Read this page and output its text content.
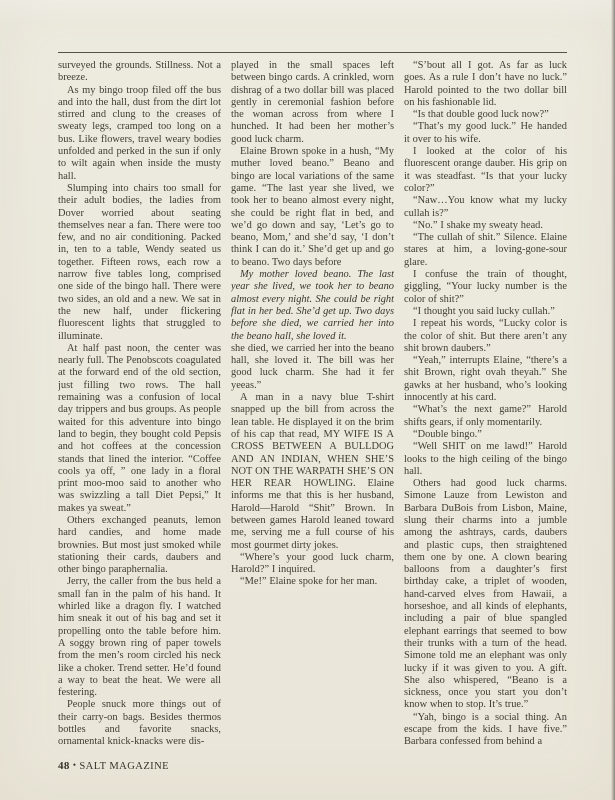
surveyed the grounds. Stillness. Not a breeze.

As my bingo troop filed off the bus and into the hall, dust from the dirt lot stirred and clung to the creases of sweaty legs, cramped too long on a bus. Like flowers, travel weary bodies unfolded and perked in the sun if only to wilt again when inside the musty hall.

Slumping into chairs too small for their adult bodies, the ladies from Dover worried about seating themselves near a fan. There were too few, and no air conditioning. Packed in, ten to a table, Wendy seated us together. Fifteen rows, each row a narrow five tables long, comprised one side of the bingo hall. There were two sides, an old and a new. We sat in the new half, under flickering fluorescent lights that struggled to illuminate.

At half past noon, the center was nearly full. The Penobscots coagulated at the forward end of the old section, just filling two rows. The hall remaining was a confusion of local day trippers and bus groups. As people waited for this adventure into bingo land to begin, they bought cold Pepsis and hot coffees at the concession stands that lined the interior. “Coffee cools ya off, ” one lady in a floral print moo-moo said to another who was swizzling a tall Diet Pepsi,” It makes ya sweat.”

Others exchanged peanuts, lemon hard candies, and home made brownies. But most just smoked while stationing their cards, daubers and other bingo paraphernalia.

Jerry, the caller from the bus held a small fan in the palm of his hand. It whirled like a dragon fly. I watched him sneak it out of his bag and set it propelling onto the table before him. A soggy brown ring of paper towels from the men’s room circled his neck like a choker. Trend setter. He’d found a way to beat the heat. We were all festering.

People snuck more things out of their carry-on bags. Besides thermos bottles and favorite snacks, ornamental knick-knacks were dis-

played in the small spaces left between bingo cards. A crinkled, worn dishrag of a two dollar bill was placed gently in ceremonial fashion before the woman across from where I hunched. It had been her mother’s good luck charm.

Elaine Brown spoke in a hush, “My muther loved beano.” Beano and bingo are local variations of the same game. “The last year she lived, we took her to beano almost every night, she could be right flat in bed, and we’d go down and say, ‘Let’s go to beano, Mom,’ and she’d say, ‘I don’t think I can do it.’ She’d get up and go to beano. Two days before

My mother loved beano. The last year she lived, we took her to beano almost every night. She could be right flat in her bed. She’d get up. Two days before she died, we carried her into the beano hall, she loved it.

she died, we carried her into the beano hall, she loved it. The bill was her good luck charm. She had it fer yeeas.”

A man in a navy blue T-shirt snapped up the bill from across the lean table. He displayed it on the brim of his cap that read, MY WIFE IS A CROSS BETWEEN A BULLDOG AND AN INDIAN, WHEN SHE’S NOT ON THE WARPATH SHE’S ON HER REAR HOWLING. Elaine informs me that this is her husband, Harold—Harold “Shit” Brown. In between games Harold leaned toward me, serving me a full course of his most gourmet dirty jokes.

“Where’s your good luck charm, Harold?” I inquired.

“Me!” Elaine spoke for her man.

“S’bout all I got. As far as luck goes. As a rule I don’t have no luck.” Harold pointed to the two dollar bill on his fashionable lid.

“Is that double good luck now?”

“That’s my good luck.” He handed it over to his wife.

I looked at the color of his fluorescent orange dauber. His grip on it was steadfast. “Is that your lucky color?”

“Naw…You know what my lucky cullah is?”

“No.” I shake my sweaty head.

“The cullah of shit.” Silence. Elaine stares at him, a loving-gone-sour glare.

I confuse the train of thought, giggling, “Your lucky number is the color of shit?”

“I thought you said lucky cullah.”

I repeat his words, “Lucky color is the color of shit. But there aren’t any shit brown daubers.”

“Yeah,” interrupts Elaine, “there’s a shit Brown, right ovah theyah.” She gawks at her husband, who’s looking innocently at his card.

“What’s the next game?” Harold shifts gears, if only momentarily.

“Double bingo.”

“Well SHIT on me lawd!” Harold looks to the high ceiling of the bingo hall.

Others had good luck charms. Simone Lauze from Lewiston and Barbara DuBois from Lisbon, Maine, slung their charms into a jumble among the ashtrays, cards, daubers and plastic cups, then straightened them one by one. A clown bearing balloons from a daughter’s first birthday cake, a triplet of wooden, hand-carved elves from Hawaii, a horseshoe, and all kinds of elephants, including a pair of blue spangled elephant earrings that seemed to bow their trunks with a turn of the head. Simone told me an elephant was only lucky if it was given to you. A gift. She also whispered, “Beano is a sickness, once you start you don’t know when to stop. It’s true.”

“Yah, bingo is a social thing. An escape from the kids. I have five.” Barbara confessed from behind a

48 • SALT MAGAZINE
